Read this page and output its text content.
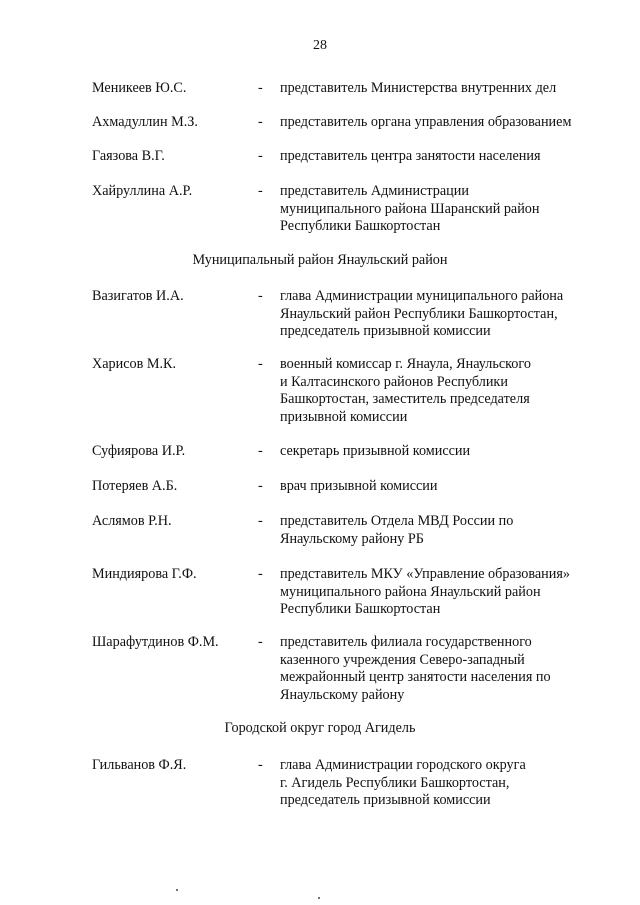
28
Меникеев Ю.С.	- представитель Министерства внутренних дел
Ахмадуллин М.З.	- представитель органа управления образованием
Гаязова В.Г.	- представитель центра занятости населения
Хайруллина А.Р.	- представитель Администрации
муниципального района Шаранский район
Республики Башкортостан
Муниципальный район Янаульский район
Вазигатов И.А.	- глава Администрации муниципального района
Янаульский район Республики Башкортостан,
председатель призывной комиссии
Харисов М.К.	- военный комиссар г. Янаула, Янаульского
и Калтасинского районов Республики
Башкортостан, заместитель председателя
призывной комиссии
Суфиярова И.Р.	- секретарь призывной комиссии
Потеряев А.Б.	- врач призывной комиссии
Аслямов Р.Н.	- представитель Отдела МВД России по
Янаульскому району РБ
Миндиярова Г.Ф.	- представитель МКУ «Управление образования»
муниципального района Янаульский район
Республики Башкортостан
Шарафутдинов Ф.М.	- представитель филиала государственного
казенного учреждения Северо-западный
межрайонный центр занятости населения по
Янаульскому району
Городской округ город Агидель
Гильванов Ф.Я.	- глава Администрации городского округа
г. Агидель Республики Башкортостан,
председатель призывной комиссии
